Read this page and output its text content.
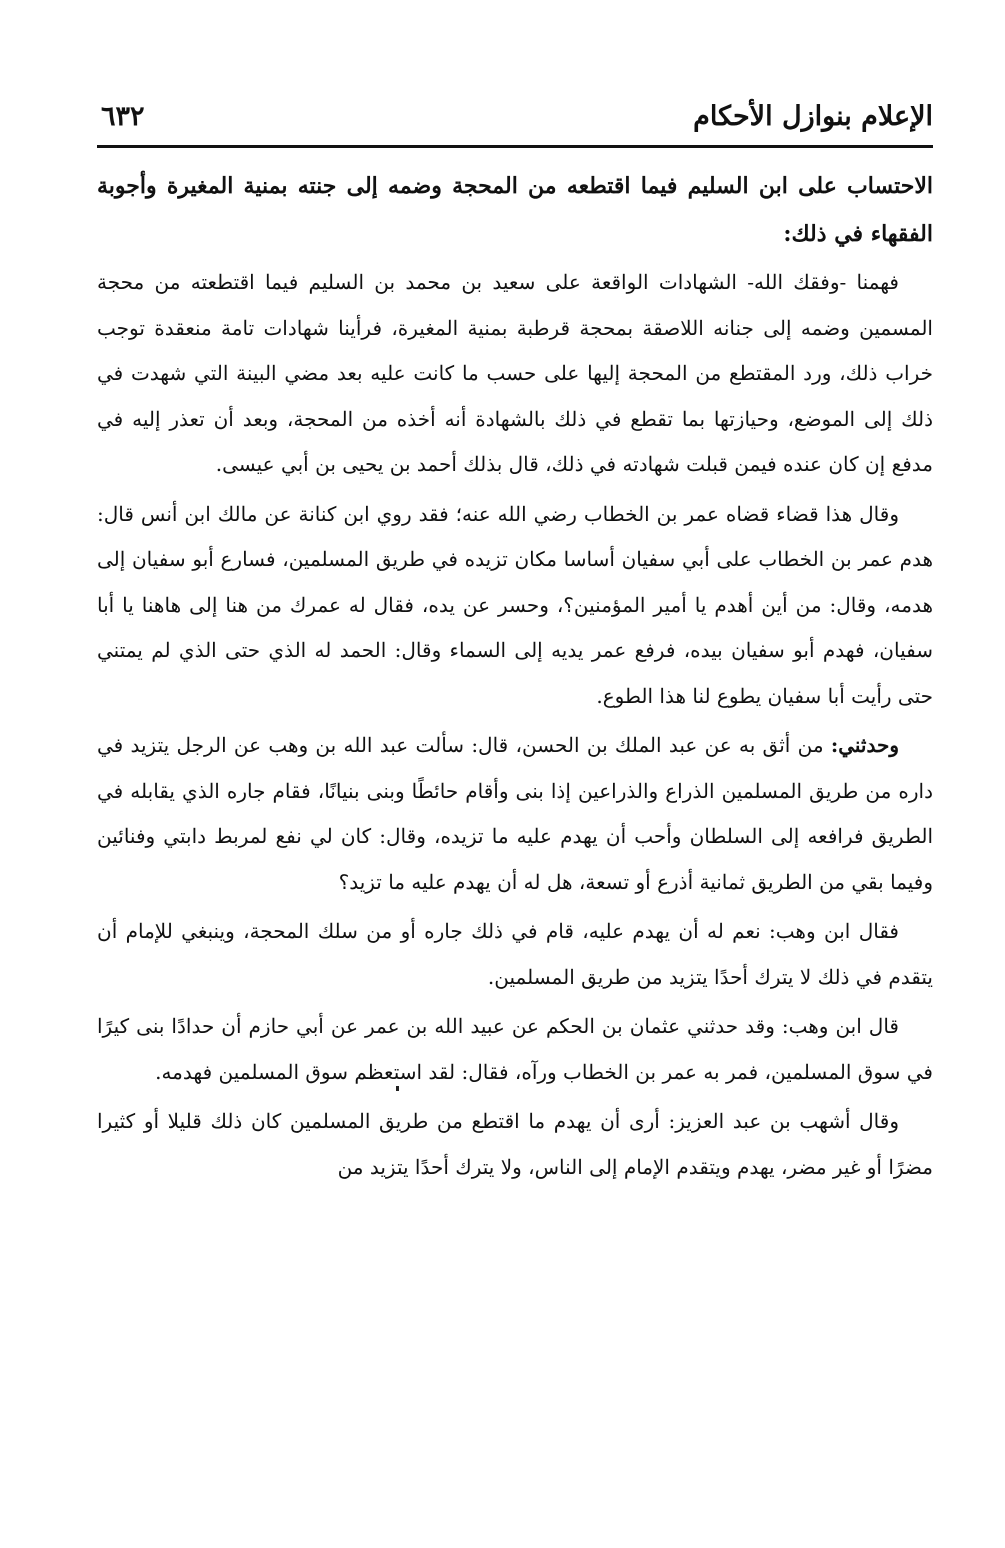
الإعلام بنوازل الأحكام
٦٣٢
الاحتساب على ابن السليم فيما اقتطعه من المحجة وضمه إلى جنته بمنية المغيرة وأجوبة الفقهاء في ذلك:

فهمنا -وفقك الله- الشهادات الواقعة على سعيد بن محمد بن السليم فيما اقتطعته من محجة المسمين وضمه إلى جنانه اللاصقة بمحجة قرطبة بمنية المغيرة، فرأينا شهادات تامة منعقدة توجب خراب ذلك، ورد المقتطع من المحجة إليها على حسب ما كانت عليه بعد مضي البينة التي شهدت في ذلك إلى الموضع، وحيازتها بما تقطع في ذلك بالشهادة أنه أخذه من المحجة، وبعد أن تعذر إليه في مدفع إن كان عنده فيمن قبلت شهادته في ذلك، قال بذلك أحمد بن يحيى بن أبي عيسى.

وقال هذا قضاء قضاه عمر بن الخطاب رضي الله عنه؛ فقد روي ابن كنانة عن مالك ابن أنس قال: هدم عمر بن الخطاب على أبي سفيان أساسا مكان تزيده في طريق المسلمين، فسارع أبو سفيان إلى هدمه، وقال: من أين أهدم يا أمير المؤمنين؟، وحسر عن يده، فقال له عمرك من هنا إلى هاهنا يا أبا سفيان، فهدم أبو سفيان بيده، فرفع عمر يديه إلى السماء وقال: الحمد له الذي حتى الذي لم يمتني حتى رأيت أبا سفيان يطوع لنا هذا الطوع.

وحدثني: من أثق به عن عبد الملك بن الحسن، قال: سألت عبد الله بن وهب عن الرجل يتزيد في داره من طريق المسلمين الذراع والذراعين إذا بنى وأقام حائطًا وبنى بنيانًا، فقام جاره الذي يقابله في الطريق فرافعه إلى السلطان وأحب أن يهدم عليه ما تزيده، وقال: كان لي نفع لمربط دابتي وفنائين وفيما بقي من الطريق ثمانية أذرع أو تسعة، هل له أن يهدم عليه ما تزيد؟

فقال ابن وهب: نعم له أن يهدم عليه، قام في ذلك جاره أو من سلك المحجة، وينبغي للإمام أن يتقدم في ذلك لا يترك أحدًا يتزيد من طريق المسلمين.

قال ابن وهب: وقد حدثني عثمان بن الحكم عن عبيد الله بن عمر عن أبي حازم أن حدادًا بنى كيرًا في سوق المسلمين، فمر به عمر بن الخطاب ورآه، فقال: لقد استعظم سوق المسلمين فهدمه.

وقال أشهب بن عبد العزيز: أرى أن يهدم ما اقتطع من طريق المسلمين كان ذلك قليلا أو كثيرا مضرًا أو غير مضر، يهدم ويتقدم الإمام إلى الناس، ولا يترك أحدًا يتزيد من
